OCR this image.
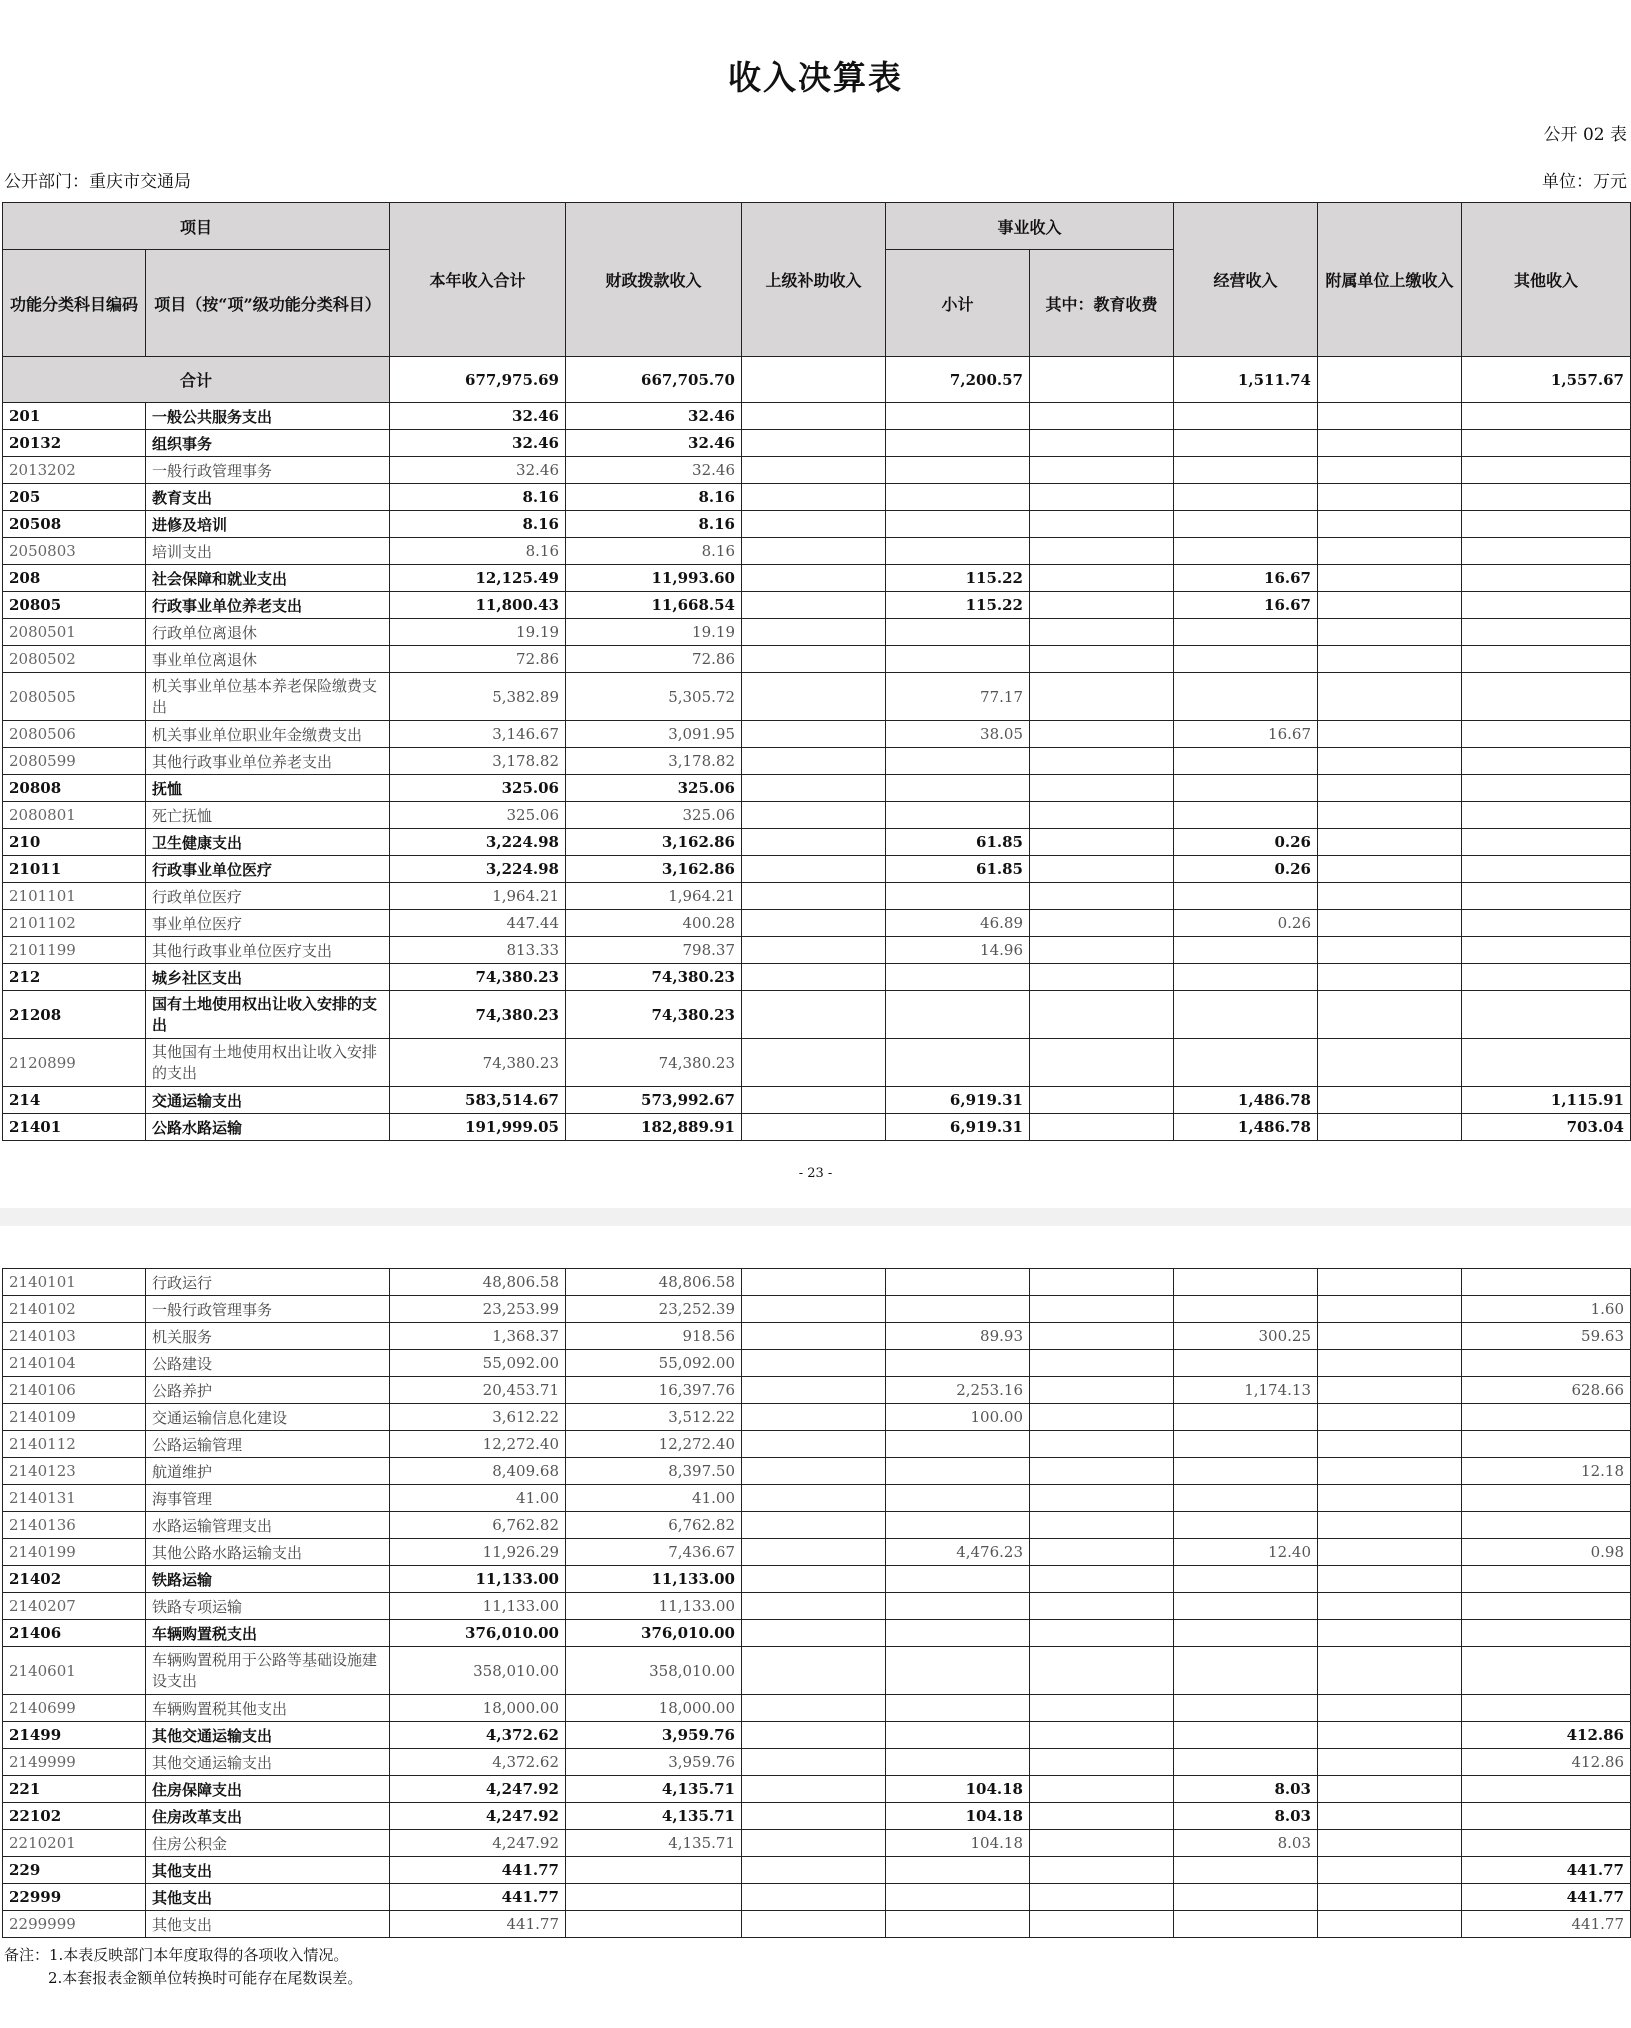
收入决算表
公开 02 表
公开部门：重庆市交通局	单位：万元
项目		本年收入合计	财政拨款收入	上级补助收入	事业收入		经营收入	附属单位上缴收入	其他收入
功能分类科目编码	项目（按“项”级功能分类科目）				小计	其中：教育收费			
合计		677,975.69	667,705.70		7,200.57		1,511.74		1,557.67
201	一般公共服务支出	32.46	32.46						
20132	组织事务	32.46	32.46						
2013202	一般行政管理事务	32.46	32.46						
205	教育支出	8.16	8.16						
20508	进修及培训	8.16	8.16						
2050803	培训支出	8.16	8.16						
208	社会保障和就业支出	12,125.49	11,993.60		115.22		16.67		
20805	行政事业单位养老支出	11,800.43	11,668.54		115.22		16.67		
2080501	行政单位离退休	19.19	19.19						
2080502	事业单位离退休	72.86	72.86						
2080505	机关事业单位基本养老保险缴费支出	5,382.89	5,305.72		77.17				
2080506	机关事业单位职业年金缴费支出	3,146.67	3,091.95		38.05		16.67		
2080599	其他行政事业单位养老支出	3,178.82	3,178.82						
20808	抚恤	325.06	325.06						
2080801	死亡抚恤	325.06	325.06						
210	卫生健康支出	3,224.98	3,162.86		61.85		0.26		
21011	行政事业单位医疗	3,224.98	3,162.86		61.85		0.26		
2101101	行政单位医疗	1,964.21	1,964.21						
2101102	事业单位医疗	447.44	400.28		46.89		0.26		
2101199	其他行政事业单位医疗支出	813.33	798.37		14.96				
212	城乡社区支出	74,380.23	74,380.23						
21208	国有土地使用权出让收入安排的支出	74,380.23	74,380.23						
2120899	其他国有土地使用权出让收入安排的支出	74,380.23	74,380.23						
214	交通运输支出	583,514.67	573,992.67		6,919.31		1,486.78		1,115.91
21401	公路水路运输	191,999.05	182,889.91		6,919.31		1,486.78		703.04
- 23 -
2140101	行政运行	48,806.58	48,806.58						
2140102	一般行政管理事务	23,253.99	23,252.39						1.60
2140103	机关服务	1,368.37	918.56		89.93		300.25		59.63
2140104	公路建设	55,092.00	55,092.00						
2140106	公路养护	20,453.71	16,397.76		2,253.16		1,174.13		628.66
2140109	交通运输信息化建设	3,612.22	3,512.22		100.00				
2140112	公路运输管理	12,272.40	12,272.40						
2140123	航道维护	8,409.68	8,397.50						12.18
2140131	海事管理	41.00	41.00						
2140136	水路运输管理支出	6,762.82	6,762.82						
2140199	其他公路水路运输支出	11,926.29	7,436.67		4,476.23		12.40		0.98
21402	铁路运输	11,133.00	11,133.00						
2140207	铁路专项运输	11,133.00	11,133.00						
21406	车辆购置税支出	376,010.00	376,010.00						
2140601	车辆购置税用于公路等基础设施建设支出	358,010.00	358,010.00						
2140699	车辆购置税其他支出	18,000.00	18,000.00						
21499	其他交通运输支出	4,372.62	3,959.76						412.86
2149999	其他交通运输支出	4,372.62	3,959.76						412.86
221	住房保障支出	4,247.92	4,135.71		104.18		8.03		
22102	住房改革支出	4,247.92	4,135.71		104.18		8.03		
2210201	住房公积金	4,247.92	4,135.71		104.18		8.03		
229	其他支出	441.77							441.77
22999	其他支出	441.77							441.77
2299999	其他支出	441.77							441.77
备注：1.本表反映部门本年度取得的各项收入情况。
2.本套报表金额单位转换时可能存在尾数误差。
